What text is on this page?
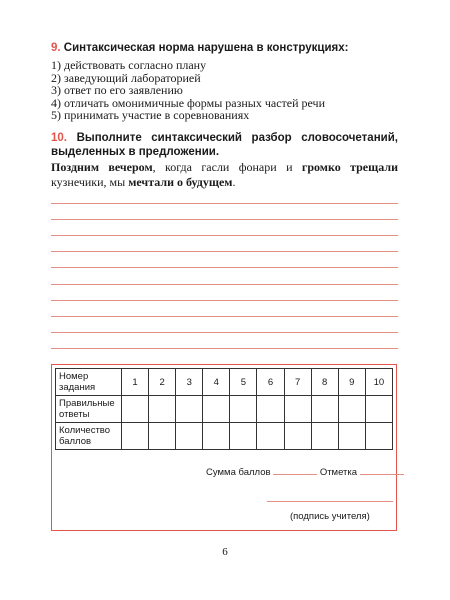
9. Синтаксическая норма нарушена в конструкциях:

1) действовать согласно плану
2) заведующий лабораторией
3) ответ по его заявлению
4) отличать омонимичные формы разных частей речи
5) принимать участие в соревнованиях

10. Выполните синтаксический разбор словосочетаний, выделенных в предложении.

Поздним вечером, когда гасли фонари и громко трещали кузнечики, мы мечтали о будущем.

Номер задания	1	2	3	4	5	6	7	8	9	10
Правильные ответы										
Количество баллов										
Сумма баллов	Отметка
(подпись учителя)
6
